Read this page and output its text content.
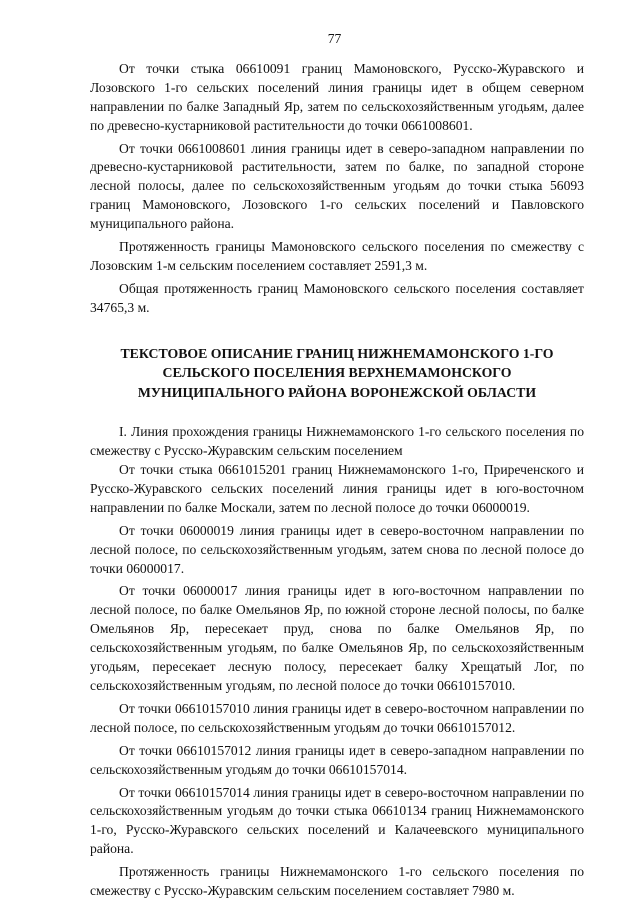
77

От точки стыка 06610091 границ Мамоновского, Русско-Журавского и Лозовского 1-го сельских поселений линия границы идет в общем северном направлении по балке Западный Яр, затем по сельскохозяйственным угодьям, далее по древесно-кустарниковой растительности до точки 0661008601.

От точки 0661008601 линия границы идет в северо-западном направлении по древесно-кустарниковой растительности, затем по балке, по западной стороне лесной полосы, далее по сельскохозяйственным угодьям до точки стыка 56093 границ Мамоновского, Лозовского 1-го сельских поселений и Павловского муниципального района.

Протяженность границы Мамоновского сельского поселения по смежеству с Лозовским 1-м сельским поселением составляет 2591,3 м.

Общая протяженность границ Мамоновского сельского поселения составляет 34765,3 м.

ТЕКСТОВОЕ ОПИСАНИЕ ГРАНИЦ НИЖНЕМАМОНСКОГО 1-ГО
СЕЛЬСКОГО ПОСЕЛЕНИЯ ВЕРХНЕМАМОНСКОГО
МУНИЦИПАЛЬНОГО РАЙОНА ВОРОНЕЖСКОЙ ОБЛАСТИ

I. Линия прохождения границы Нижнемамонского 1-го сельского поселения по смежеству с Русско-Журавским сельским поселением

От точки стыка 0661015201 границ Нижнемамонского 1-го, Приреченского и Русско-Журавского сельских поселений линия границы идет в юго-восточном направлении по балке Москали, затем по лесной полосе до точки 06000019.

От точки 06000019 линия границы идет в северо-восточном направлении по лесной полосе, по сельскохозяйственным угодьям, затем снова по лесной полосе до точки 06000017.

От точки 06000017 линия границы идет в юго-восточном направлении по лесной полосе, по балке Омельянов Яр, по южной стороне лесной полосы, по балке Омельянов Яр, пересекает пруд, снова по балке Омельянов Яр, по сельскохозяйственным угодьям, по балке Омельянов Яр, по сельскохозяйственным угодьям, пересекает лесную полосу, пересекает балку Хрещатый Лог, по сельскохозяйственным угодьям, по лесной полосе до точки 06610157010.

От точки 06610157010 линия границы идет в северо-восточном направлении по лесной полосе, по сельскохозяйственным угодьям до точки 06610157012.

От точки 06610157012 линия границы идет в северо-западном направлении по сельскохозяйственным угодьям до точки 06610157014.

От точки 06610157014 линия границы идет в северо-восточном направлении по сельскохозяйственным угодьям до точки стыка 06610134 границ Нижнемамонского 1-го, Русско-Журавского сельских поселений и Калачеевского муниципального района.

Протяженность границы Нижнемамонского 1-го сельского поселения по смежеству с Русско-Журавским сельским поселением составляет 7980 м.
